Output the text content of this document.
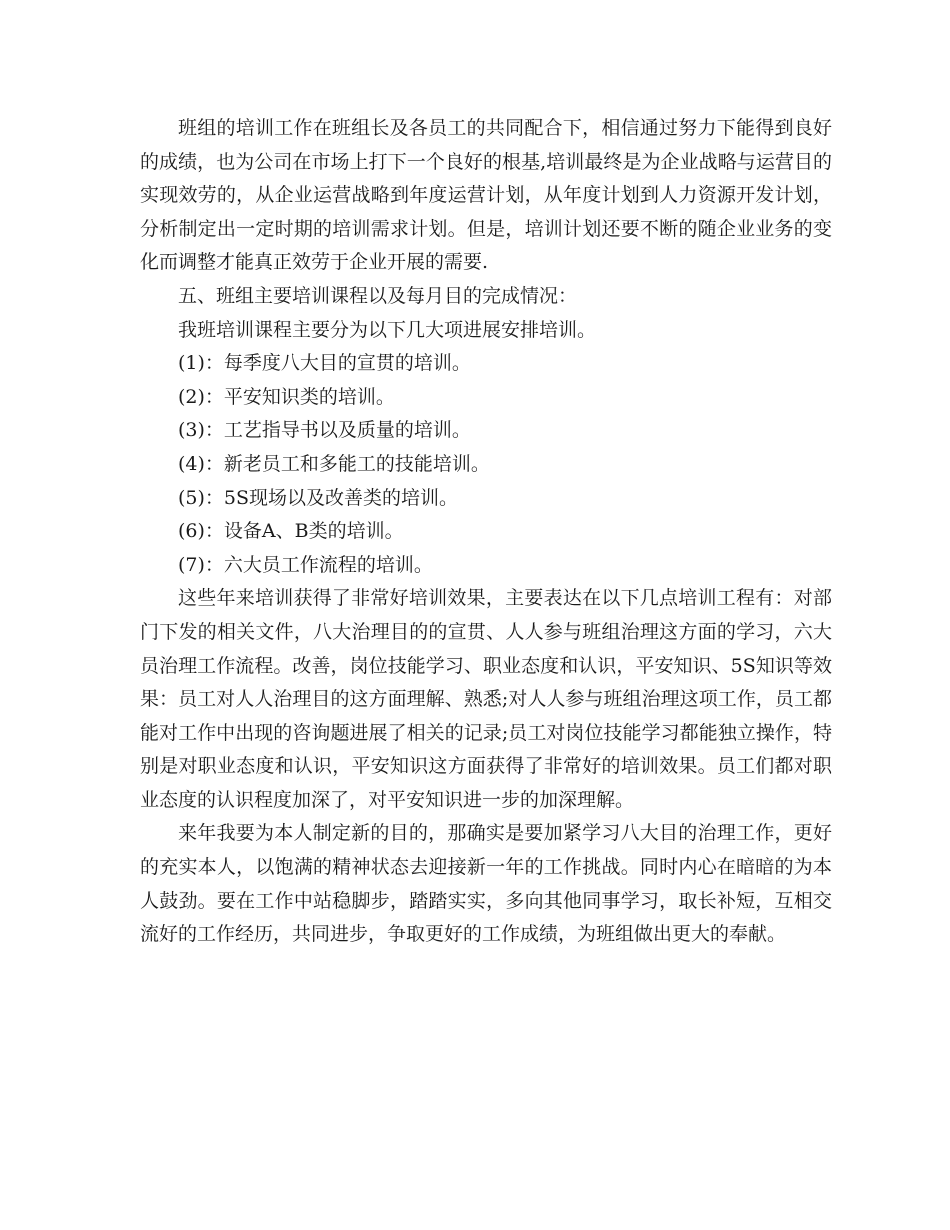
班组的培训工作在班组长及各员工的共同配合下，相信通过努力下能得到良好的成绩，也为公司在市场上打下一个良好的根基,培训最终是为企业战略与运营目的实现效劳的，从企业运营战略到年度运营计划，从年度计划到人力资源开发计划，分析制定出一定时期的培训需求计划。但是，培训计划还要不断的随企业业务的变化而调整才能真正效劳于企业开展的需要.

五、班组主要培训课程以及每月目的完成情况：

我班培训课程主要分为以下几大项进展安排培训。

(1)：每季度八大目的宣贯的培训。

(2)：平安知识类的培训。

(3)：工艺指导书以及质量的培训。

(4)：新老员工和多能工的技能培训。

(5)：5S现场以及改善类的培训。

(6)：设备A、B类的培训。

(7)：六大员工作流程的培训。

这些年来培训获得了非常好培训效果，主要表达在以下几点培训工程有：对部门下发的相关文件，八大治理目的的宣贯、人人参与班组治理这方面的学习，六大员治理工作流程。改善，岗位技能学习、职业态度和认识，平安知识、5S知识等效果：员工对人人治理目的这方面理解、熟悉;对人人参与班组治理这项工作，员工都能对工作中出现的咨询题进展了相关的记录;员工对岗位技能学习都能独立操作，特别是对职业态度和认识，平安知识这方面获得了非常好的培训效果。员工们都对职业态度的认识程度加深了，对平安知识进一步的加深理解。

来年我要为本人制定新的目的，那确实是要加紧学习八大目的治理工作，更好的充实本人，以饱满的精神状态去迎接新一年的工作挑战。同时内心在暗暗的为本人鼓劲。要在工作中站稳脚步，踏踏实实，多向其他同事学习，取长补短，互相交流好的工作经历，共同进步，争取更好的工作成绩，为班组做出更大的奉献。
